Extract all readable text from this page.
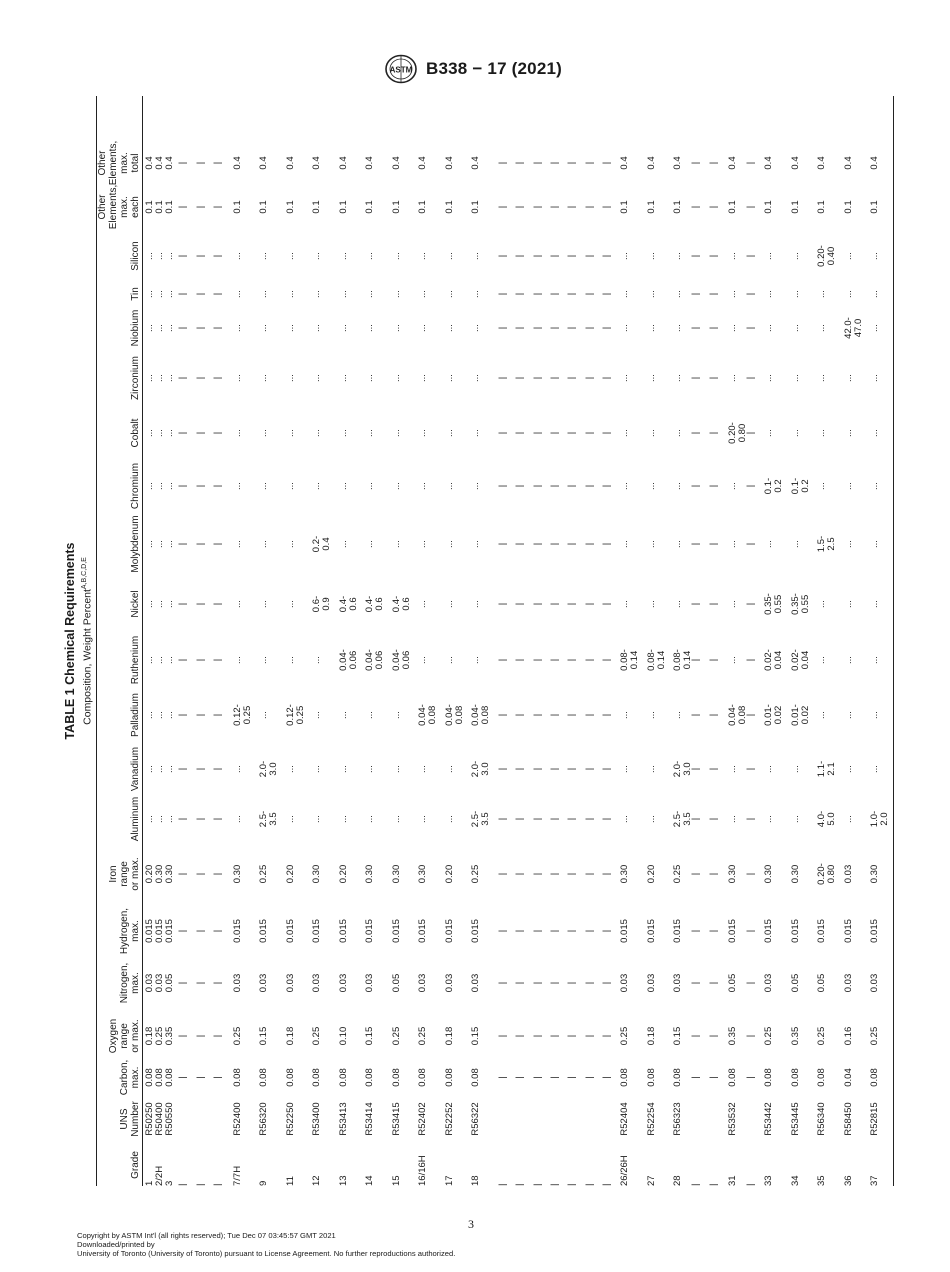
ASTM B338 − 17 (2021)
TABLE 1 Chemical Requirements Composition, Weight Percent$^{A,B,C,D,E}$
Grade
UNS
Number
Carbon,
max.
Oxygen
range
or max.
Nitrogen,
max.
Hydrogen,
max.
Iron
range
or max.
Aluminum
Vanadium
Palladium
Ruthenium
Nickel
Molybdenum
Chromium
Cobalt
Zirconium
Niobium
Tin
Silicon
Other
Elements,
max.
each
Other
Elements,
max.
total
1
2/2H
3
R50250
R50400
R50550
0.08
0.08
0.08
0.18
0.25
0.35
0.03
0.03
0.05
0.015
0.015
0.015
0.20
0.30
0.30
...
...
...
...
...
...
...
...
...
...
...
...
...
...
...
...
...
...
...
...
...
...
...
...
...
...
...
...
...
...
...
...
...
...
...
...
0.1
0.1
0.1
0.4
0.4
0.4
|
|
|
|
|
|
|
|
|
|
|
|
|
|
|
|
|
|
|
|
|
|
|
|
|
|
|
|
|
|
|
|
|
|
|
|
|
|
|
|
|
|
|
|
|
|
|
|
|
|
|
|
|
|
|
|
|
|
|
|
7/7H
R52400
0.08
0.25
0.03
0.015
0.30
...
...
0.12-
0.25
...
...
...
...
...
...
...
...
...
0.1
0.4
9
R56320
0.08
0.15
0.03
0.015
0.25
2.5-
3.5
2.0-
3.0
...
...
...
...
...
...
...
...
...
...
0.1
0.4
11
R52250
0.08
0.18
0.03
0.015
0.20
...
...
0.12-
0.25
...
...
...
...
...
...
...
...
...
0.1
0.4
12
R53400
0.08
0.25
0.03
0.015
0.30
...
...
...
...
0.6-
0.9
0.2-
0.4
...
...
...
...
...
...
0.1
0.4
13
R53413
0.08
0.10
0.03
0.015
0.20
...
...
...
0.04-
0.06
0.4-
0.6
...
...
...
...
...
...
...
0.1
0.4
14
R53414
0.08
0.15
0.03
0.015
0.30
...
...
...
0.04-
0.06
0.4-
0.6
...
...
...
...
...
...
...
0.1
0.4
15
R53415
0.08
0.25
0.05
0.015
0.30
...
...
...
0.04-
0.06
0.4-
0.6
...
...
...
...
...
...
...
0.1
0.4
16/16H
R52402
0.08
0.25
0.03
0.015
0.30
...
...
0.04-
0.08
...
...
...
...
...
...
...
...
...
0.1
0.4
17
R52252
0.08
0.18
0.03
0.015
0.20
...
...
0.04-
0.08
...
...
...
...
...
...
...
...
...
0.1
0.4
18
R56322
0.08
0.15
0.03
0.015
0.25
2.5-
3.5
2.0-
3.0
0.04-
0.08
...
...
...
...
...
...
...
...
...
0.1
0.4
|
|
|
|
|
|
|
|
|
|
|
|
|
|
|
|
|
|
|
|
|
|
|
|
|
|
|
|
|
|
|
|
|
|
|
|
|
|
|
|
|
|
|
|
|
|
|
|
|
|
|
|
|
|
|
|
|
|
|
|
|
|
|
|
|
|
|
|
|
|
|
|
|
|
|
|
|
|
|
|
|
|
|
|
|
|
|
|
|
|
|
|
|
|
|
|
|
|
|
|
|
|
|
|
|
|
|
|
|
|
|
|
|
|
|
|
|
|
|
|
|
|
|
|
|
|
|
|
|
|
|
|
|
|
|
|
|
|
|
|
26/26H
R52404
0.08
0.25
0.03
0.015
0.30
...
...
...
0.08-
0.14
...
...
...
...
...
...
...
...
0.1
0.4
27
R52254
0.08
0.18
0.03
0.015
0.20
...
...
...
0.08-
0.14
...
...
...
...
...
...
...
...
0.1
0.4
28
R56323
0.08
0.15
0.03
0.015
0.25
2.5-
3.5
2.0-
3.0
...
0.08-
0.14
...
...
...
...
...
...
...
...
0.1
0.4
|
|
|
|
|
|
|
|
|
|
|
|
|
|
|
|
|
|
|
|
|
|
|
|
|
|
|
|
|
|
|
|
|
|
|
|
|
|
|
|
31
R53532
0.08
0.35
0.05
0.015
0.30
...
...
0.04-
0.08
...
...
...
...
0.20-
0.80
...
...
...
...
0.1
0.4
|
|
|
|
|
|
|
|
|
|
|
|
|
|
|
|
|
|
|
|
33
R53442
0.08
0.25
0.03
0.015
0.30
...
...
0.01-
0.02
0.02-
0.04
0.35-
0.55
...
0.1-
0.2
...
...
...
...
...
0.1
0.4
34
R53445
0.08
0.35
0.05
0.015
0.30
...
...
0.01-
0.02
0.02-
0.04
0.35-
0.55
...
0.1-
0.2
...
...
...
...
...
0.1
0.4
35
R56340
0.08
0.25
0.05
0.015
0.20-
0.80
4.0-
5.0
1.1-
2.1
...
...
...
1.5-
2.5
...
...
...
...
...
0.20-
0.40
0.1
0.4
36
R58450
0.04
0.16
0.03
0.015
0.03
...
...
...
...
...
...
...
...
...
42.0-
47.0
...
...
0.1
0.4
37
R52815
0.08
0.25
0.03
0.015
0.30
1.0-
2.0
...
...
...
...
...
...
...
...
...
...
...
0.1
0.4
3
Copyright by ASTM Int'l (all rights reserved); Tue Dec 07 03:45:57 GMT 2021
Downloaded/printed by
University of Toronto (University of Toronto) pursuant to License Agreement. No further reproductions authorized.
